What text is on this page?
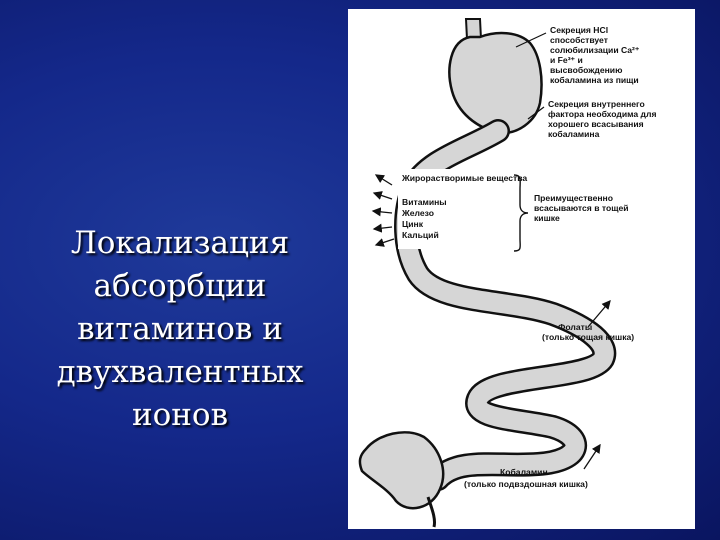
Локализация
абсорбции
витаминов и
двухвалентных
ионов
Секреция HCl
способствует
солюбилизации Ca²⁺
и Fe³⁺ и
высвобождению
кобаламина из пищи
Секреция внутреннего
фактора необходима для
хорошего всасывания
кобаламина
Жирорастворимые вещества
Витамины
Железо
Цинк
Кальций
Преимущественно
всасываются в тощей
кишке
Фолаты
(только тощая кишка)
Кобаламин
(только подвздошная кишка)
